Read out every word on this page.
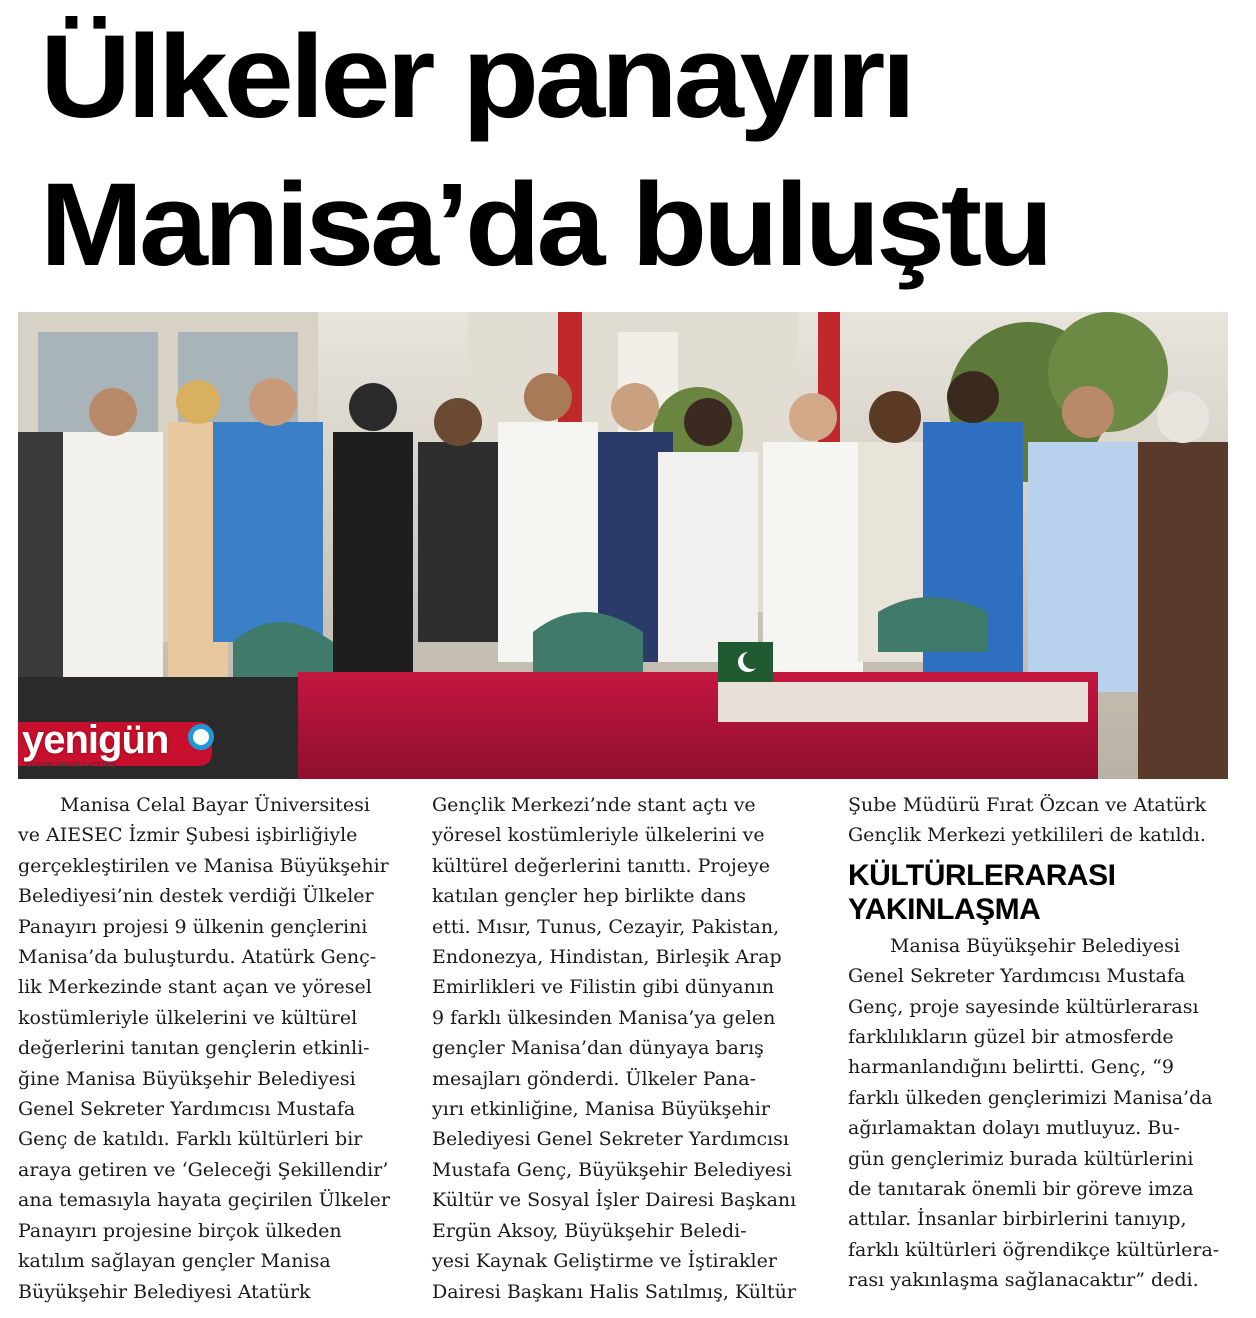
Ülkeler panayırı
Manisa’da buluştu
yenigün
EGE'NİN HABER GAZETESİ
Manisa Celal Bayar Üniversitesi
ve AIESEC İzmir Şubesi işbirliğiyle
gerçekleştirilen ve Manisa Büyükşehir
Belediyesi’nin destek verdiği Ülkeler
Panayırı projesi 9 ülkenin gençlerini
Manisa’da buluşturdu. Atatürk Genç-
lik Merkezinde stant açan ve yöresel
kostümleriyle ülkelerini ve kültürel
değerlerini tanıtan gençlerin etkinli-
ğine Manisa Büyükşehir Belediyesi
Genel Sekreter Yardımcısı Mustafa
Genç de katıldı. Farklı kültürleri bir
araya getiren ve ‘Geleceği Şekillendir’
ana temasıyla hayata geçirilen Ülkeler
Panayırı projesine birçok ülkeden
katılım sağlayan gençler Manisa
Büyükşehir Belediyesi Atatürk
Gençlik Merkezi’nde stant açtı ve
yöresel kostümleriyle ülkelerini ve
kültürel değerlerini tanıttı. Projeye
katılan gençler hep birlikte dans
etti. Mısır, Tunus, Cezayir, Pakistan,
Endonezya, Hindistan, Birleşik Arap
Emirlikleri ve Filistin gibi dünyanın
9 farklı ülkesinden Manisa’ya gelen
gençler Manisa’dan dünyaya barış
mesajları gönderdi. Ülkeler Pana-
yırı etkinliğine, Manisa Büyükşehir
Belediyesi Genel Sekreter Yardımcısı
Mustafa Genç, Büyükşehir Belediyesi
Kültür ve Sosyal İşler Dairesi Başkanı
Ergün Aksoy, Büyükşehir Beledi-
yesi Kaynak Geliştirme ve İştirakler
Dairesi Başkanı Halis Satılmış, Kültür
Şube Müdürü Fırat Özcan ve Atatürk
Gençlik Merkezi yetkilileri de katıldı.
KÜLTÜRLERARASI
YAKINLAŞMA
Manisa Büyükşehir Belediyesi
Genel Sekreter Yardımcısı Mustafa
Genç, proje sayesinde kültürlerarası
farklılıkların güzel bir atmosferde
harmanlandığını belirtti. Genç, “9
farklı ülkeden gençlerimizi Manisa’da
ağırlamaktan dolayı mutluyuz. Bu-
gün gençlerimiz burada kültürlerini
de tanıtarak önemli bir göreve imza
attılar. İnsanlar birbirlerini tanıyıp,
farklı kültürleri öğrendikçe kültürlera-
rası yakınlaşma sağlanacaktır” dedi.
